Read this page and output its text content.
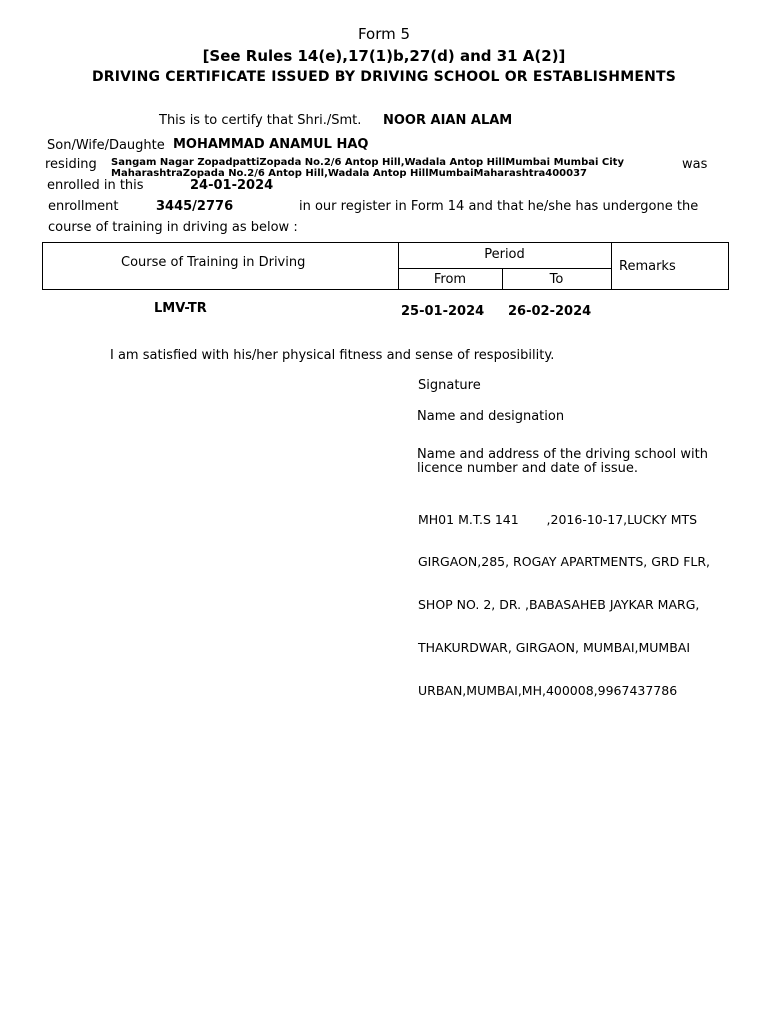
Form 5
[See Rules 14(e),17(1)b,27(d) and 31 A(2)]
DRIVING CERTIFICATE ISSUED BY DRIVING SCHOOL OR ESTABLISHMENTS
This is to certify that Shri./Smt. NOOR AIAN ALAM
Son/Wife/Daughte MOHAMMAD ANAMUL HAQ
residing Sangam Nagar ZopadpattiZopada No.2/6 Antop Hill,Wadala Antop HillMumbai Mumbai City
MaharashtraZopada No.2/6 Antop Hill,Wadala Antop HillMumbaiMaharashtra400037
was
enrolled in this	24-01-2024
enrollment	3445/2776	in our register in Form 14 and that he/she has undergone the
course of training in driving as below :
Course of Training in Driving
Period
From	To
Remarks
LMV-TR	25-01-2024 26-02-2024
I am satisfied with his/her physical fitness and sense of resposibility.
Signature
Name and designation
Name and address of the driving school with
licence number and date of issue.

MH01 M.T.S 141       ,2016-10-17,LUCKY MTS

GIRGAON,285, ROGAY APARTMENTS, GRD FLR,

SHOP NO. 2, DR. ,BABASAHEB JAYKAR MARG,

THAKURDWAR, GIRGAON, MUMBAI,MUMBAI

URBAN,MUMBAI,MH,400008,9967437786
